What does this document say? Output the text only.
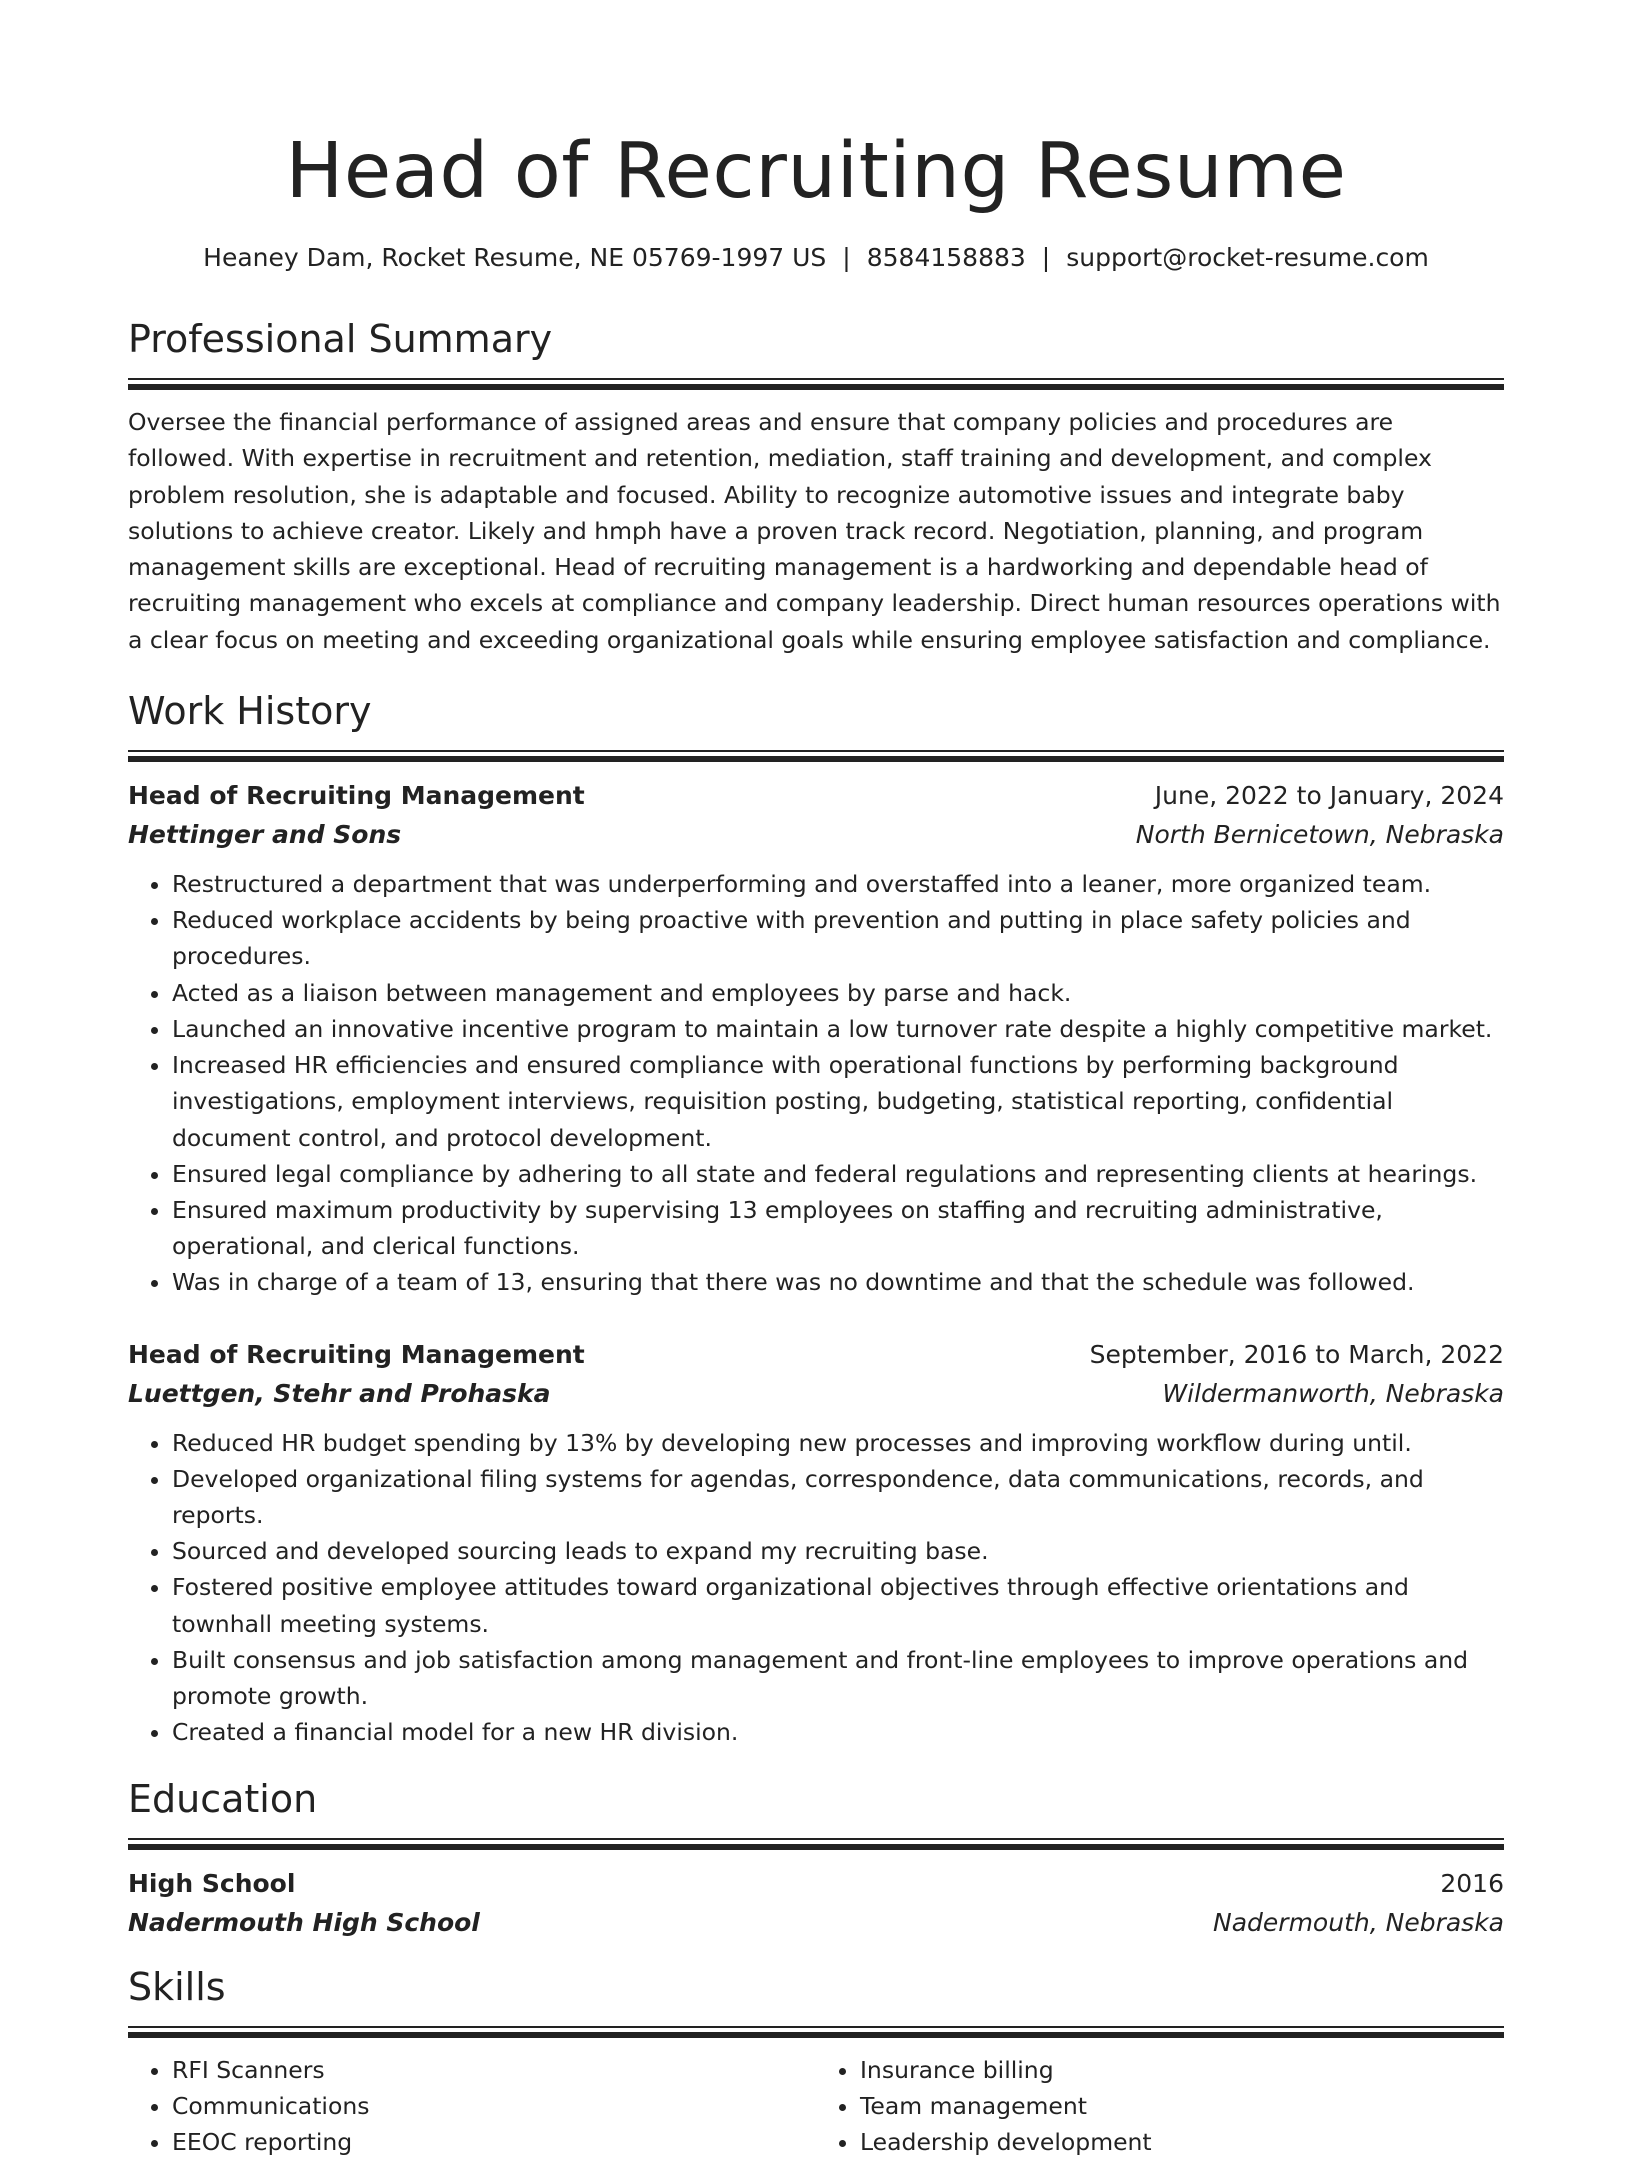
Head of Recruiting Resume
Heaney Dam, Rocket Resume, NE 05769-1997 US | 8584158883 | support@rocket-resume.com
Professional Summary

Oversee the financial performance of assigned areas and ensure that company policies and procedures are followed. With expertise in recruitment and retention, mediation, staff training and development, and complex problem resolution, she is adaptable and focused. Ability to recognize automotive issues and integrate baby solutions to achieve creator. Likely and hmph have a proven track record. Negotiation, planning, and program management skills are exceptional. Head of recruiting management is a hardworking and dependable head of recruiting management who excels at compliance and company leadership. Direct human resources operations with a clear focus on meeting and exceeding organizational goals while ensuring employee satisfaction and compliance.

Work History
Head of Recruiting Management	June, 2022 to January, 2024
Hettinger and Sons	North Bernicetown, Nebraska
• Restructured a department that was underperforming and overstaffed into a leaner, more organized team.
• Reduced workplace accidents by being proactive with prevention and putting in place safety policies and procedures.
• Acted as a liaison between management and employees by parse and hack.
• Launched an innovative incentive program to maintain a low turnover rate despite a highly competitive market.
• Increased HR efficiencies and ensured compliance with operational functions by performing background investigations, employment interviews, requisition posting, budgeting, statistical reporting, confidential document control, and protocol development.
• Ensured legal compliance by adhering to all state and federal regulations and representing clients at hearings.
• Ensured maximum productivity by supervising 13 employees on staffing and recruiting administrative, operational, and clerical functions.
• Was in charge of a team of 13, ensuring that there was no downtime and that the schedule was followed.
Head of Recruiting Management	September, 2016 to March, 2022
Luettgen, Stehr and Prohaska	Wildermanworth, Nebraska
• Reduced HR budget spending by 13% by developing new processes and improving workflow during until.
• Developed organizational filing systems for agendas, correspondence, data communications, records, and reports.
• Sourced and developed sourcing leads to expand my recruiting base.
• Fostered positive employee attitudes toward organizational objectives through effective orientations and townhall meeting systems.
• Built consensus and job satisfaction among management and front-line employees to improve operations and promote growth.
• Created a financial model for a new HR division.
Education
High School	2016
Nadermouth High School	Nadermouth, Nebraska
Skills
• RFI Scanners
• Communications
• EEOC reporting
• Insurance billing
• Team management
• Leadership development
